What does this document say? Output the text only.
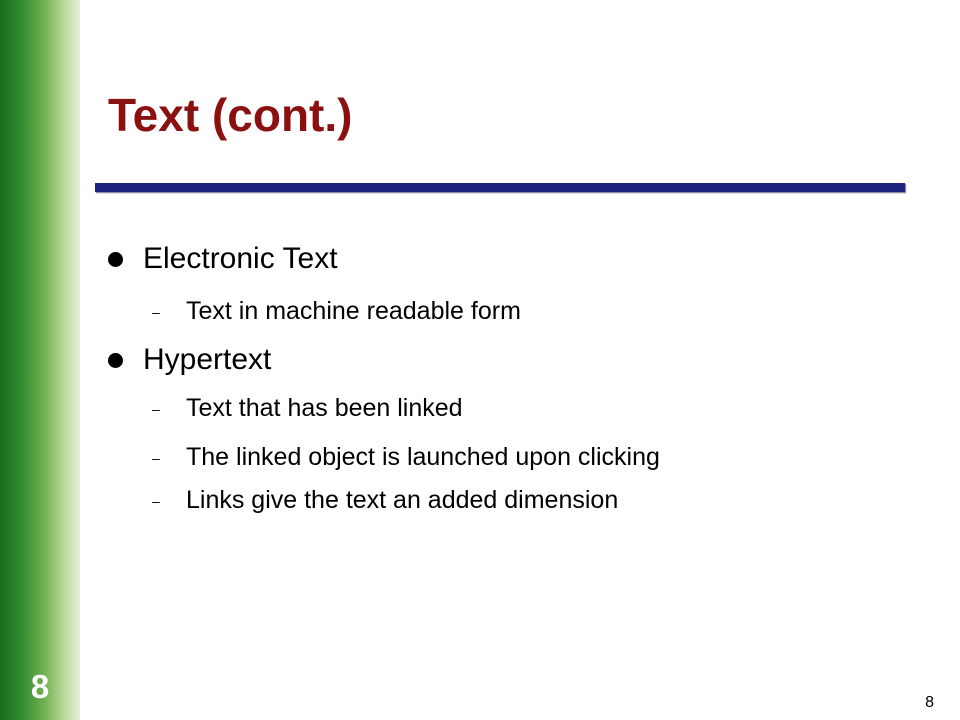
8
Text (cont.)
Electronic Text
–	Text in machine readable form
Hypertext
–	Text that has been linked
–	The linked object is launched upon clicking
–	Links give the text an added dimension
8
